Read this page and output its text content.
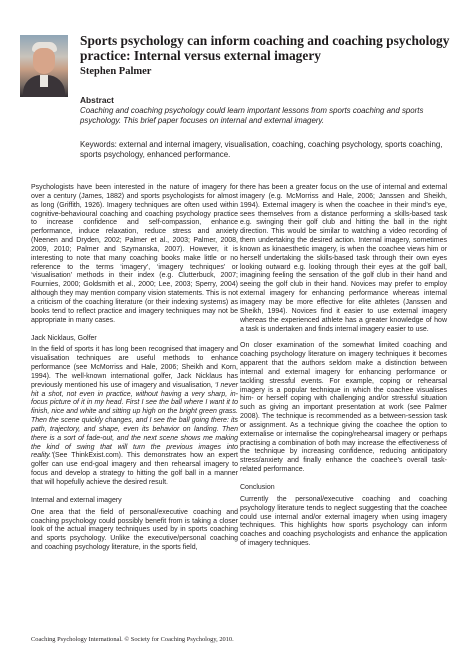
Sports psychology can inform coaching and coaching psychology practice: Internal versus external imagery
Stephen Palmer
Abstract
Coaching and coaching psychology could learn important lessons from sports coaching and sports psychology. This brief paper focuses on internal and external imagery.
Keywords: external and internal imagery, visualisation, coaching, coaching psychology, sports coaching, sports psychology, enhanced performance.

Psychologists have been interested in the nature of imagery for over a century (James, 1882) and sports psychologists for almost as long (Griffith, 1926). Imagery techniques are often used within cognitive-behavioural coaching and coaching psychology practice to increase confidence and self-compassion, enhance performance, induce relaxation, reduce stress and anxiety (Neenen and Dryden, 2002; Palmer et al., 2003; Palmer, 2008, 2009, 2010; Palmer and Szymanska, 2007). However, it is interesting to note that many coaching books make little or no reference to the terms ‘imagery’, ‘imagery techniques’ or ‘visualisation’ methods in their index (e.g. Clutterbuck, 2007; Fournies, 2000; Goldsmith et al., 2000; Lee, 2003; Sperry, 2004) although they may mention company vision statements. This is not a criticism of the coaching literature (or their indexing systems) as books tend to reflect practice and imagery techniques may not be appropriate in many cases.

Jack Nicklaus, Golfer

In the field of sports it has long been recognised that imagery and visualisation techniques are useful methods to enhance performance (see McMorriss and Hale, 2006; Sheikh and Korn, 1994). The well-known international golfer, Jack Nicklaus has previously mentioned his use of imagery and visualisation, ‘I never hit a shot, not even in practice, without having a very sharp, in-focus picture of it in my head. First I see the ball where I want it to finish, nice and white and sitting up high on the bright green grass. Then the scene quickly changes, and I see the ball going there: its path, trajectory, and shape, even its behavior on landing. Then there is a sort of fade-out, and the next scene shows me making the kind of swing that will turn the previous images into reality.’(See ThinkExist.com). This demonstrates how an expert golfer can use end-goal imagery and then rehearsal imagery to focus and develop a strategy to hitting the golf ball in a manner that will hopefully achieve the desired result.

Internal and external imagery

One area that the field of personal/executive coaching and coaching psychology could possibly benefit from is taking a closer look of the actual imagery techniques used by in sports coaching and sports psychology. Unlike the executive/personal coaching and coaching psychology literature, in the sports field,

there has been a greater focus on the use of internal and external imagery (e.g. McMorriss and Hale, 2006; Janssen and Sheikh, 1994). External imagery is when the coachee in their mind’s eye, sees themselves from a distance performing a skills-based task e.g. swinging their golf club and hitting the ball in the right direction. This would be similar to watching a video recording of them undertaking the desired action. Internal imagery, sometimes known as kinaesthetic imagery, is when the coachee views him or herself undertaking the skills-based task through their own eyes looking outward e.g. looking through their eyes at the golf ball, imagining feeling the sensation of the golf club in their hand and seeing the golf club in their hand. Novices may prefer to employ external imagery for enhancing performance whereas internal imagery may be more effective for elite athletes (Janssen and Sheikh, 1994). Novices find it easier to use external imagery whereas the experienced athlete has a greater knowledge of how a task is undertaken and finds internal imagery easier to use.

On closer examination of the somewhat limited coaching and coaching psychology literature on imagery techniques it becomes apparent that the authors seldom make a distinction between internal and external imagery for enhancing performance or tackling stressful events. For example, coping or rehearsal imagery is a popular technique in which the coachee visualises him- or herself coping with challenging and/or stressful situation such as giving an important presentation at work (see Palmer 2008). The technique is recommended as a between-session task or assignment. As a technique giving the coachee the option to externalise or internalise the coping/rehearsal imagery or perhaps practising a combination of both may increase the effectiveness of the technique by increasing confidence, reducing anticipatory stress/anxiety and finally enhance the coachee’s overall task-related performance.

Conclusion

Currently the personal/executive coaching and coaching psychology literature tends to neglect suggesting that the coachee could use internal and/or external imagery when using imagery techniques. This highlights how sports psychology can inform coaches and coaching psychologists and enhance the application of imagery techniques.

Coaching Psychology International. © Society for Coaching Psychology, 2010.
